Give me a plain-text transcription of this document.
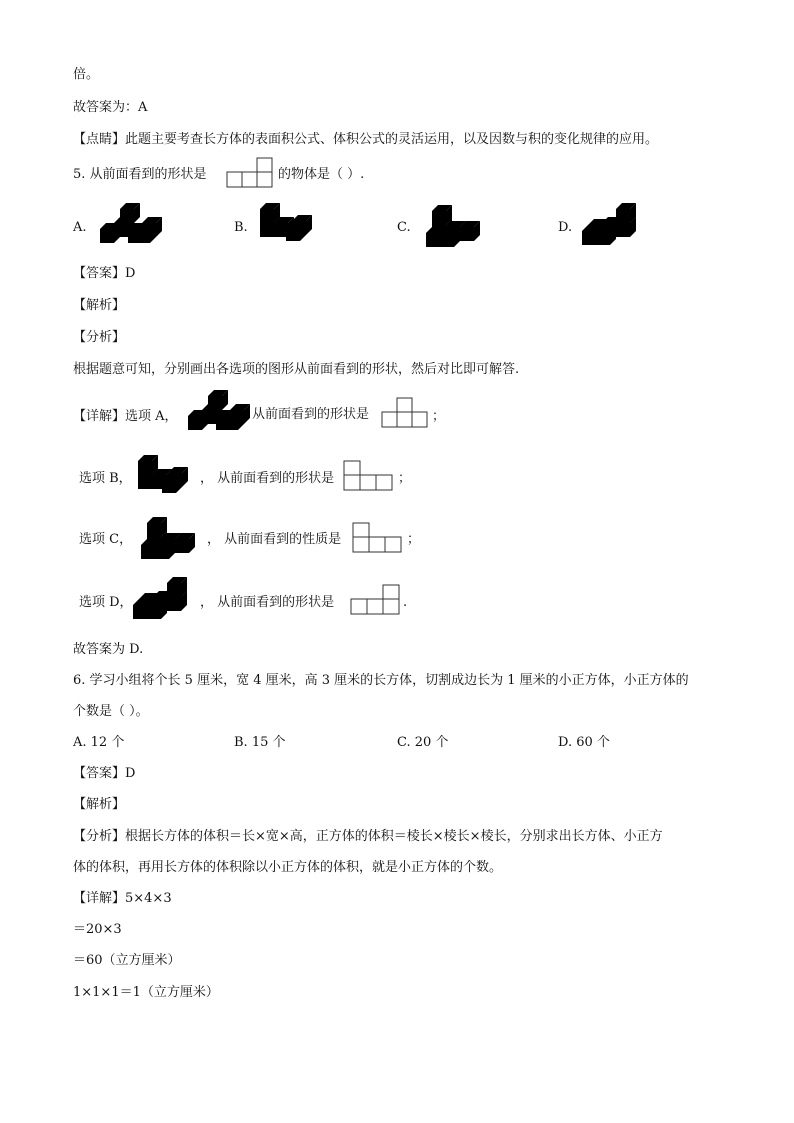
倍。
故答案为：A
【点睛】此题主要考查长方体的表面积公式、体积公式的灵活运用，以及因数与积的变化规律的应用。
5. 从前面看到的形状是	的物体是（ ）.
A.	B.	C.	D.
【答案】D
【解析】
【分析】
根据题意可知，分别画出各选项的图形从前面看到的形状，然后对比即可解答.
【详解】选项 A，	从前面看到的形状是	；
选项 B，	， 从前面看到的形状是	；
选项 C，	， 从前面看到的性质是	；
选项 D，	， 从前面看到的形状是	.
故答案为 D.
6. 学习小组将个长 5 厘米，宽 4 厘米，高 3 厘米的长方体，切割成边长为 1 厘米的小正方体，小正方体的
个数是（ ）。
A. 12 个	B. 15 个	C. 20 个	D. 60 个
【答案】D
【解析】
【分析】根据长方体的体积＝长×宽×高，正方体的体积＝棱长×棱长×棱长，分别求出长方体、小正方
体的体积，再用长方体的体积除以小正方体的体积，就是小正方体的个数。
【详解】5×4×3
＝20×3
＝60（立方厘米）
1×1×1＝1（立方厘米）
